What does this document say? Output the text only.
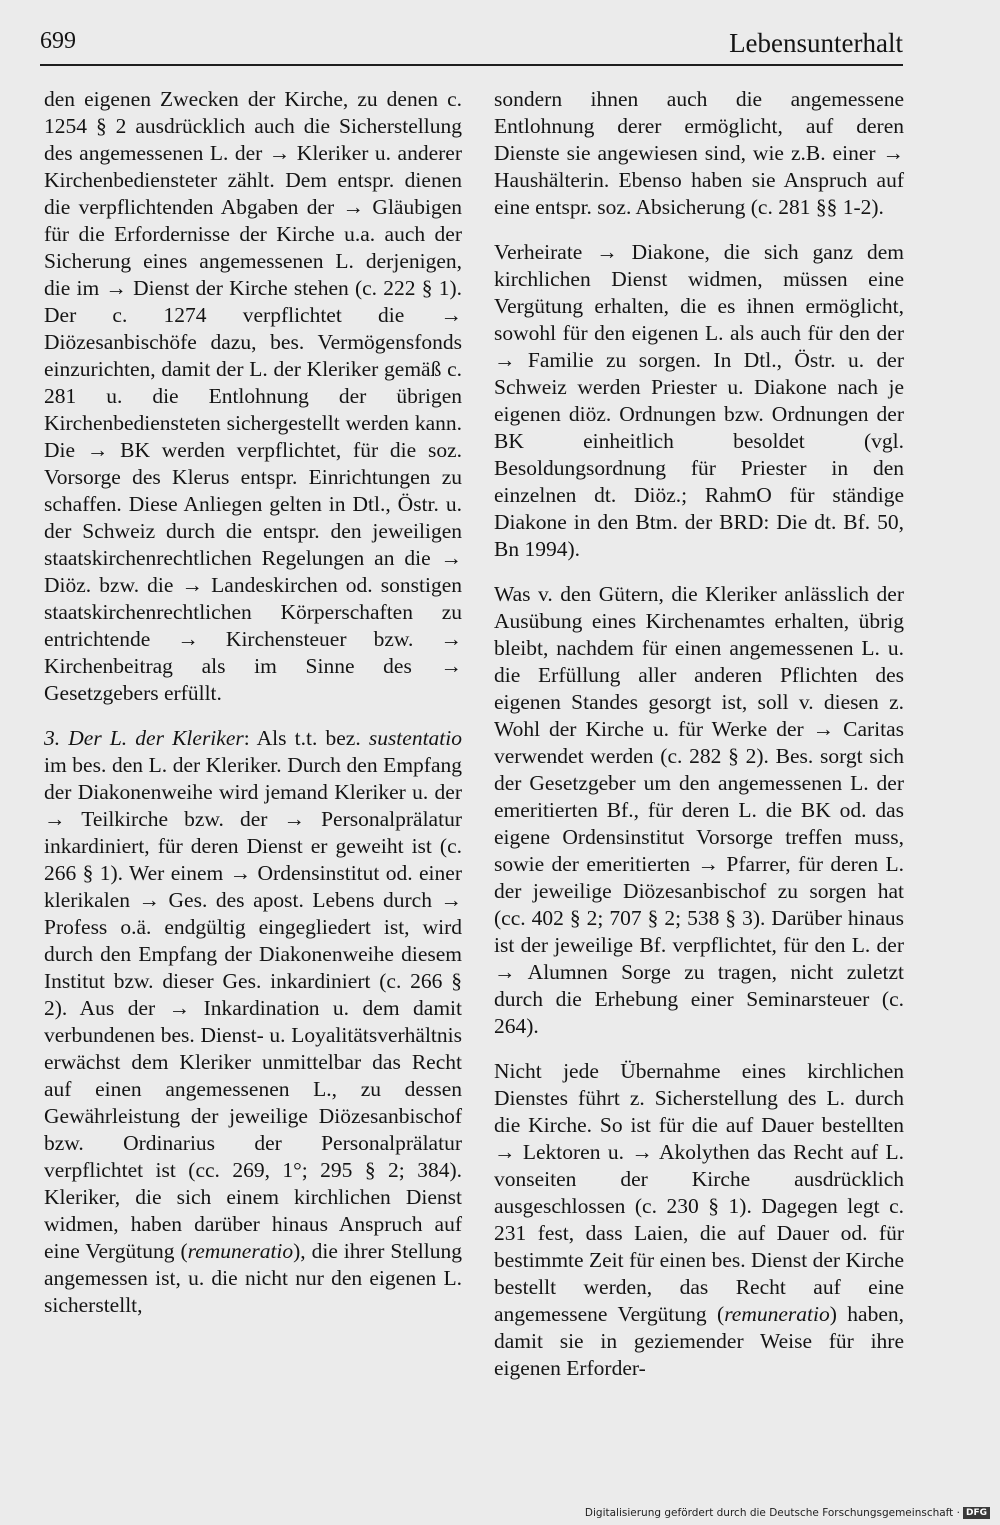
699	Lebensunterhalt

den eigenen Zwecken der Kirche, zu denen c. 1254 § 2 ausdrücklich auch die Sicherstellung des angemessenen L. der → Kleriker u. anderer Kirchenbediensteter zählt. Dem entspr. dienen die verpflichtenden Abgaben der → Gläubigen für die Erfordernisse der Kirche u.a. auch der Sicherung eines angemessenen L. derjenigen, die im → Dienst der Kirche stehen (c. 222 § 1). Der c. 1274 verpflichtet die → Diözesanbischöfe dazu, bes. Vermögensfonds einzurichten, damit der L. der Kleriker gemäß c. 281 u. die Entlohnung der übrigen Kirchenbediensteten sichergestellt werden kann. Die → BK werden verpflichtet, für die soz. Vorsorge des Klerus entspr. Einrichtungen zu schaffen. Diese Anliegen gelten in Dtl., Östr. u. der Schweiz durch die entspr. den jeweiligen staatskirchenrechtlichen Regelungen an die → Diöz. bzw. die → Landeskirchen od. sonstigen staatskirchenrechtlichen Körperschaften zu entrichtende → Kirchensteuer bzw. → Kirchenbeitrag als im Sinne des → Gesetzgebers erfüllt.

3. Der L. der Kleriker: Als t.t. bez. sustentatio im bes. den L. der Kleriker. Durch den Empfang der Diakonenweihe wird jemand Kleriker u. der → Teilkirche bzw. der → Personalprälatur inkardiniert, für deren Dienst er geweiht ist (c. 266 § 1). Wer einem → Ordensinstitut od. einer klerikalen → Ges. des apost. Lebens durch → Profess o.ä. endgültig eingegliedert ist, wird durch den Empfang der Diakonenweihe diesem Institut bzw. dieser Ges. inkardiniert (c. 266 § 2). Aus der → Inkardination u. dem damit verbundenen bes. Dienst- u. Loyalitätsverhältnis erwächst dem Kleriker unmittelbar das Recht auf einen angemessenen L., zu dessen Gewährleistung der jeweilige Diözesanbischof bzw. Ordinarius der Personalprälatur verpflichtet ist (cc. 269, 1°; 295 § 2; 384). Kleriker, die sich einem kirchlichen Dienst widmen, haben darüber hinaus Anspruch auf eine Vergütung (remuneratio), die ihrer Stellung angemessen ist, u. die nicht nur den eigenen L. sicherstellt,

sondern ihnen auch die angemessene Entlohnung derer ermöglicht, auf deren Dienste sie angewiesen sind, wie z.B. einer → Haushälterin. Ebenso haben sie Anspruch auf eine entspr. soz. Absicherung (c. 281 §§ 1-2).

Verheirate → Diakone, die sich ganz dem kirchlichen Dienst widmen, müssen eine Vergütung erhalten, die es ihnen ermöglicht, sowohl für den eigenen L. als auch für den der → Familie zu sorgen. In Dtl., Östr. u. der Schweiz werden Priester u. Diakone nach je eigenen diöz. Ordnungen bzw. Ordnungen der BK einheitlich besoldet (vgl. Besoldungsordnung für Priester in den einzelnen dt. Diöz.; RahmO für ständige Diakone in den Btm. der BRD: Die dt. Bf. 50, Bn 1994).

Was v. den Gütern, die Kleriker anlässlich der Ausübung eines Kirchenamtes erhalten, übrig bleibt, nachdem für einen angemessenen L. u. die Erfüllung aller anderen Pflichten des eigenen Standes gesorgt ist, soll v. diesen z. Wohl der Kirche u. für Werke der → Caritas verwendet werden (c. 282 § 2). Bes. sorgt sich der Gesetzgeber um den angemessenen L. der emeritierten Bf., für deren L. die BK od. das eigene Ordensinstitut Vorsorge treffen muss, sowie der emeritierten → Pfarrer, für deren L. der jeweilige Diözesanbischof zu sorgen hat (cc. 402 § 2; 707 § 2; 538 § 3). Darüber hinaus ist der jeweilige Bf. verpflichtet, für den L. der → Alumnen Sorge zu tragen, nicht zuletzt durch die Erhebung einer Seminarsteuer (c. 264).

Nicht jede Übernahme eines kirchlichen Dienstes führt z. Sicherstellung des L. durch die Kirche. So ist für die auf Dauer bestellten → Lektoren u. → Akolythen das Recht auf L. vonseiten der Kirche ausdrücklich ausgeschlossen (c. 230 § 1). Dagegen legt c. 231 fest, dass Laien, die auf Dauer od. für bestimmte Zeit für einen bes. Dienst der Kirche bestellt werden, das Recht auf eine angemessene Vergütung (remuneratio) haben, damit sie in geziemender Weise für ihre eigenen Erforder-

Digitalisierung gefördert durch die Deutsche Forschungsgemeinschaft · DFG
